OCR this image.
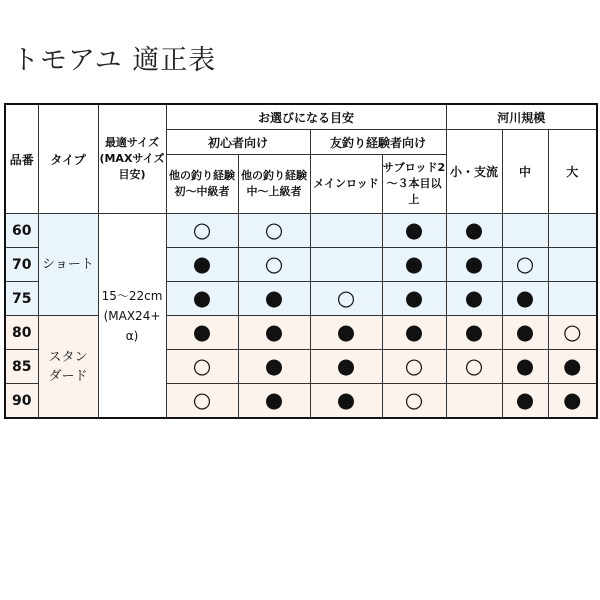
トモアユ 適正表
品番	タイプ	最適サイズ(MAXサイズ目安)	お選びになる目安				河川規模		
			初心者向け		友釣り経験者向け		小・支流	中	大
			他の釣り経験初～中級者	他の釣り経験中～上級者	メインロッド	サブロッド2～３本目以上			
60	ショート	15～22cm(MAX24+α)	○	○		●	●		
70			●	○		●	●	○	
75			●	●	○	●	●	●	
80	スタンダード		●	●	●	●	●	●	○
85			○	●	●	○	○	●	●
90			○	●	●	○		●	●
